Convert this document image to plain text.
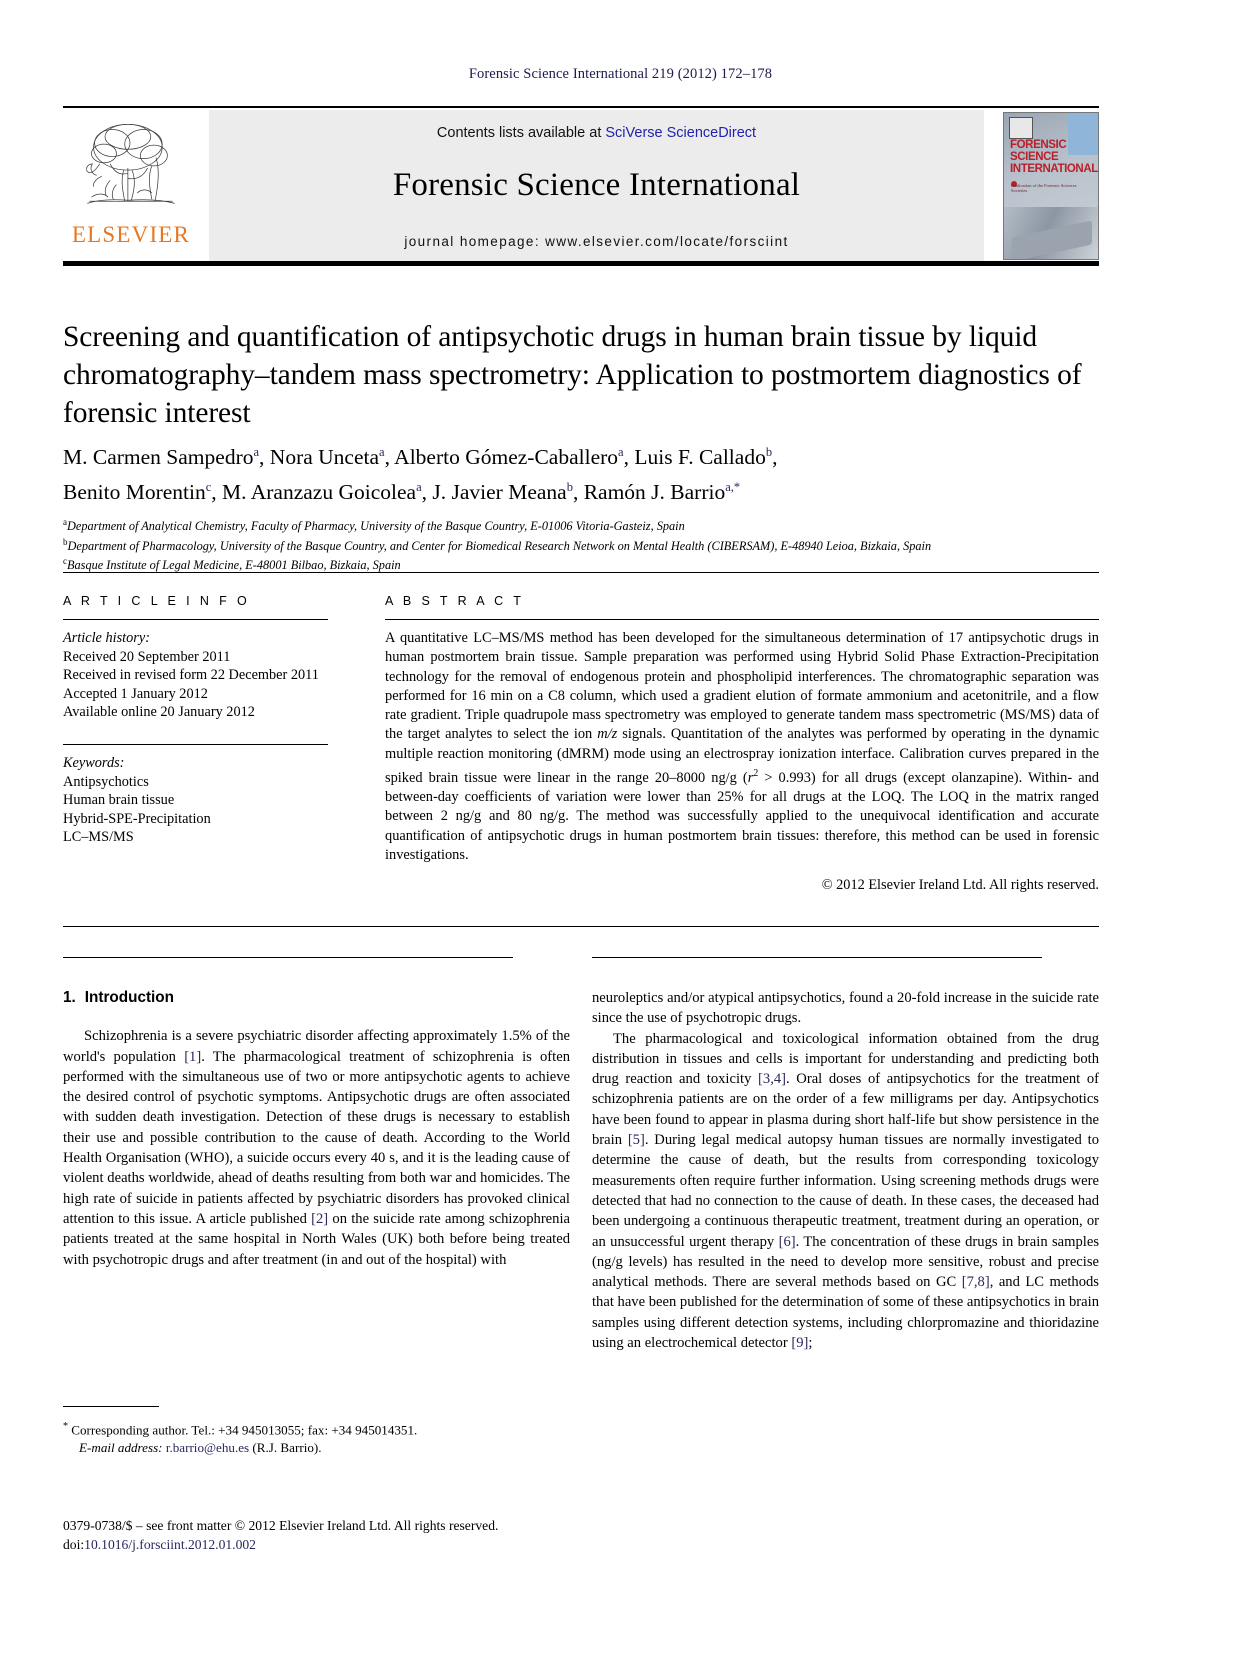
Forensic Science International 219 (2012) 172–178
ELSEVIER
Contents lists available at SciVerse ScienceDirect
Forensic Science International
journal homepage: www.elsevier.com/locate/forsciint
FORENSIC
SCIENCE
INTERNATIONAL
Publication of the Forensic Sciences Societies
Screening and quantification of antipsychotic drugs in human brain tissue by liquid chromatography–tandem mass spectrometry: Application to postmortem diagnostics of forensic interest
M. Carmen Sampedro$^a$, Nora Unceta$^a$, Alberto Gómez-Caballero$^a$, Luis F. Callado$^b$,
Benito Morentin$^c$, M. Aranzazu Goicolea$^a$, J. Javier Meana$^b$, Ramón J. Barrio$^{a,*}$
$^a$Department of Analytical Chemistry, Faculty of Pharmacy, University of the Basque Country, E-01006 Vitoria-Gasteiz, Spain
$^b$Department of Pharmacology, University of the Basque Country, and Center for Biomedical Research Network on Mental Health (CIBERSAM), E-48940 Leioa, Bizkaia, Spain
$^c$Basque Institute of Legal Medicine, E-48001 Bilbao, Bizkaia, Spain
A R T I C L E I N F O
Article history:
Received 20 September 2011
Received in revised form 22 December 2011
Accepted 1 January 2012
Available online 20 January 2012
Keywords:
Antipsychotics
Human brain tissue
Hybrid-SPE-Precipitation
LC–MS/MS
A B S T R A C T
A quantitative LC–MS/MS method has been developed for the simultaneous determination of 17 antipsychotic drugs in human postmortem brain tissue. Sample preparation was performed using Hybrid Solid Phase Extraction-Precipitation technology for the removal of endogenous protein and phospholipid interferences. The chromatographic separation was performed for 16 min on a C8 column, which used a gradient elution of formate ammonium and acetonitrile, and a flow rate gradient. Triple quadrupole mass spectrometry was employed to generate tandem mass spectrometric (MS/MS) data of the target analytes to select the ion m/z signals. Quantitation of the analytes was performed by operating in the dynamic multiple reaction monitoring (dMRM) mode using an electrospray ionization interface. Calibration curves prepared in the spiked brain tissue were linear in the range 20–8000 ng/g $(r^2 > 0.993)$ for all drugs (except olanzapine). Within- and between-day coefficients of variation were lower than 25% for all drugs at the LOQ. The LOQ in the matrix ranged between 2 ng/g and 80 ng/g. The method was successfully applied to the unequivocal identification and accurate quantification of antipsychotic drugs in human postmortem brain tissues: therefore, this method can be used in forensic investigations.
© 2012 Elsevier Ireland Ltd. All rights reserved.
1. Introduction

Schizophrenia is a severe psychiatric disorder affecting approximately 1.5% of the world's population [1]. The pharmacological treatment of schizophrenia is often performed with the simultaneous use of two or more antipsychotic agents to achieve the desired control of psychotic symptoms. Antipsychotic drugs are often associated with sudden death investigation. Detection of these drugs is necessary to establish their use and possible contribution to the cause of death. According to the World Health Organisation (WHO), a suicide occurs every 40 s, and it is the leading cause of violent deaths worldwide, ahead of deaths resulting from both war and homicides. The high rate of suicide in patients affected by psychiatric disorders has provoked clinical attention to this issue. A article published [2] on the suicide rate among schizophrenia patients treated at the same hospital in North Wales (UK) both before being treated with psychotropic drugs and after treatment (in and out of the hospital) with

neuroleptics and/or atypical antipsychotics, found a 20-fold increase in the suicide rate since the use of psychotropic drugs.

The pharmacological and toxicological information obtained from the drug distribution in tissues and cells is important for understanding and predicting both drug reaction and toxicity [3,4]. Oral doses of antipsychotics for the treatment of schizophrenia patients are on the order of a few milligrams per day. Antipsychotics have been found to appear in plasma during short half-life but show persistence in the brain [5]. During legal medical autopsy human tissues are normally investigated to determine the cause of death, but the results from corresponding toxicology measurements often require further information. Using screening methods drugs were detected that had no connection to the cause of death. In these cases, the deceased had been undergoing a continuous therapeutic treatment, treatment during an operation, or an unsuccessful urgent therapy [6]. The concentration of these drugs in brain samples (ng/g levels) has resulted in the need to develop more sensitive, robust and precise analytical methods. There are several methods based on GC [7,8], and LC methods that have been published for the determination of some of these antipsychotics in brain samples using different detection systems, including chlorpromazine and thioridazine using an electrochemical detector [9];

* Corresponding author. Tel.: +34 945013055; fax: +34 945014351.
E-mail address: r.barrio@ehu.es (R.J. Barrio).
0379-0738/$ – see front matter © 2012 Elsevier Ireland Ltd. All rights reserved.
doi:10.1016/j.forsciint.2012.01.002
